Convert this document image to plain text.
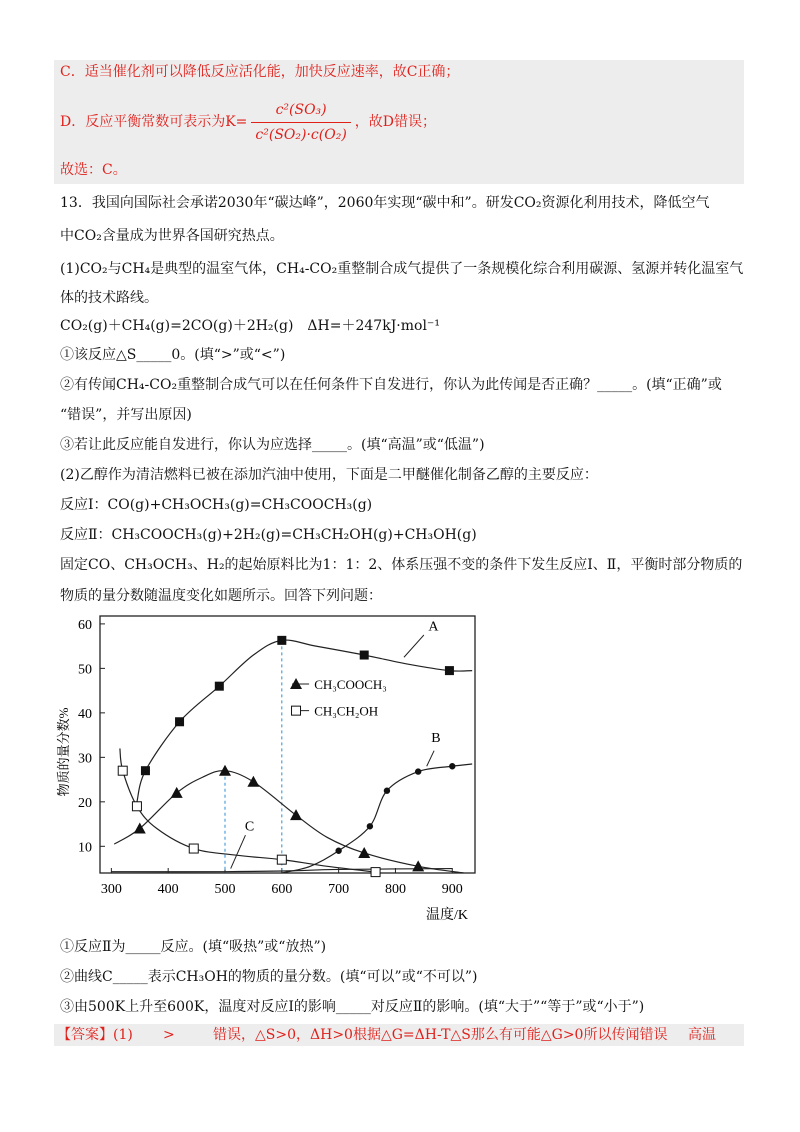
C．适当催化剂可以降低反应活化能，加快反应速率，故C正确；
D．反应平衡常数可表示为$K= \frac{\text{c²(SO₃)}}{\text{c²(SO₂)·c(O₂)}}$ ，故D错误；
故选：C。
13．我国向国际社会承诺2030年“碳达峰”，2060年实现“碳中和”。研发CO₂资源化利用技术，降低空气
中CO₂含量成为世界各国研究热点。
(1)CO₂与CH₄是典型的温室气体，CH₄-CO₂重整制合成气提供了一条规模化综合利用碳源、氢源并转化温室气
体的技术路线。
CO₂(g)＋CH₄(g)=2CO(g)＋2H₂(g)　ΔH=＋247kJ·mol⁻¹
①该反应△S_____0。(填“>”或“<”)
②有传闻CH₄-CO₂重整制合成气可以在任何条件下自发进行，你认为此传闻是否正确？_____。(填“正确”或
“错误”，并写出原因)
③若让此反应能自发进行，你认为应选择_____。(填“高温”或“低温”)
(2)乙醇作为清洁燃料已被在添加汽油中使用，下面是二甲醚催化制备乙醇的主要反应：
反应Ⅰ：CO(g)+CH₃OCH₃(g)=CH₃COOCH₃(g)
反应Ⅱ：CH₃COOCH₃(g)+2H₂(g)=CH₃CH₂OH(g)+CH₃OH(g)
固定CO、CH₃OCH₃、H₂的起始原料比为1：1：2、体系压强不变的条件下发生反应Ⅰ、Ⅱ，平衡时部分物质的
物质的量分数随温度变化如题所示。回答下列问题：
300	400	500	600	700	800	900
10
20
30
40
50
60
温度/K
物质的量分数%
A
B
C
CH₃COOCH₃
CH₃CH₂OH
①反应Ⅱ为_____反应。(填“吸热”或“放热”)
②曲线C_____表示CH₃OH的物质的量分数。(填“可以”或“不可以”)
③由500K上升至600K，温度对反应Ⅰ的影响_____对反应Ⅱ的影响。(填“大于”“等于”或“小于”)
【答案】(1) >	错误，△S>0，ΔH>0根据△G=ΔH-T△S那么有可能△G>0所以传闻错误 高温
